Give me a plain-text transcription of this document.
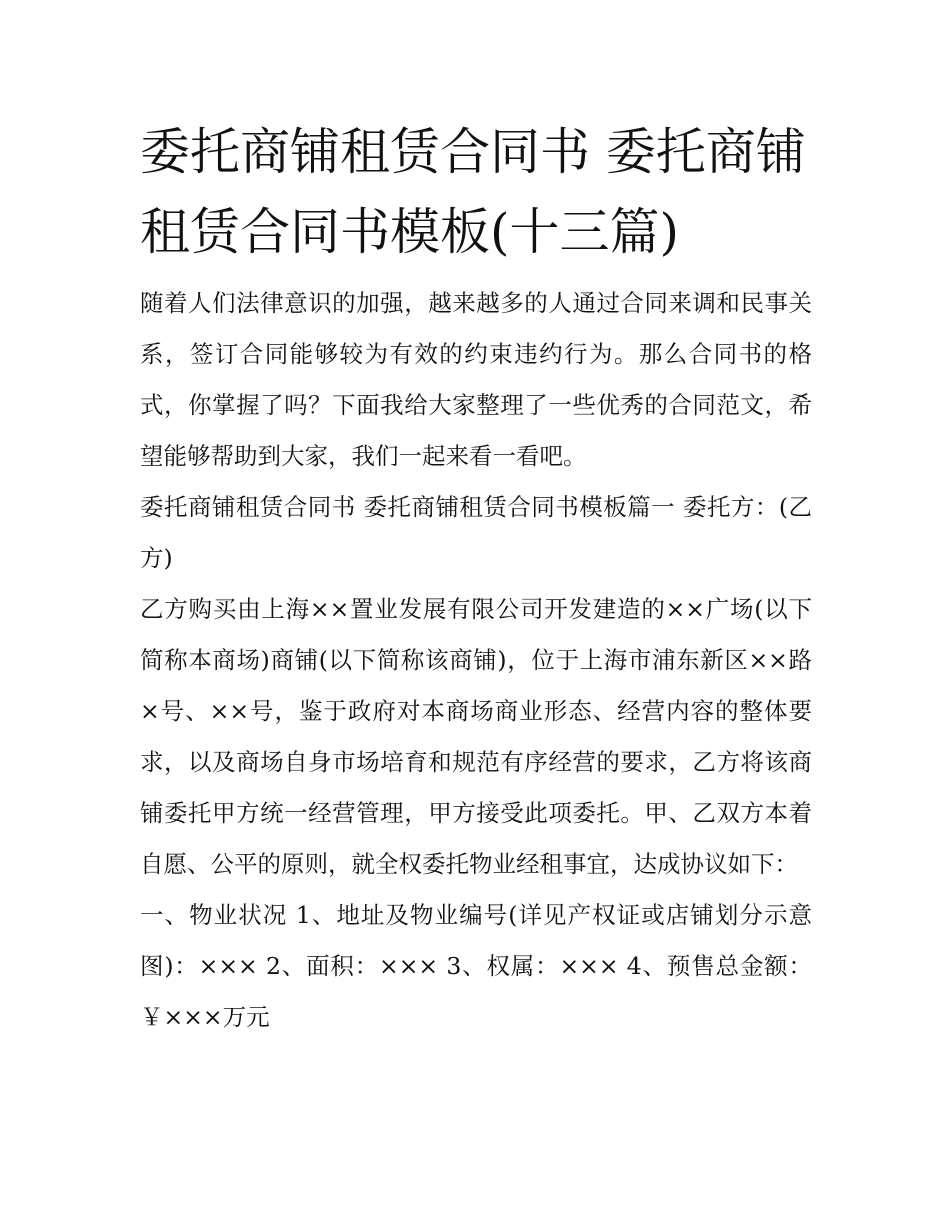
委托商铺租赁合同书 委托商铺租赁合同书模板(十三篇)

随着人们法律意识的加强，越来越多的人通过合同来调和民事关系，签订合同能够较为有效的约束违约行为。那么合同书的格式，你掌握了吗？下面我给大家整理了一些优秀的合同范文，希望能够帮助到大家，我们一起来看一看吧。

委托商铺租赁合同书 委托商铺租赁合同书模板篇一 委托方：(乙方)

乙方购买由上海××置业发展有限公司开发建造的××广场(以下简称本商场)商铺(以下简称该商铺)，位于上海市浦东新区××路×号、××号，鉴于政府对本商场商业形态、经营内容的整体要求，以及商场自身市场培育和规范有序经营的要求，乙方将该商铺委托甲方统一经营管理，甲方接受此项委托。甲、乙双方本着自愿、公平的原则，就全权委托物业经租事宜，达成协议如下：

一、物业状况 1、地址及物业编号(详见产权证或店铺划分示意图)：××× 2、面积：××× 3、权属：××× 4、预售总金额：￥×××万元
